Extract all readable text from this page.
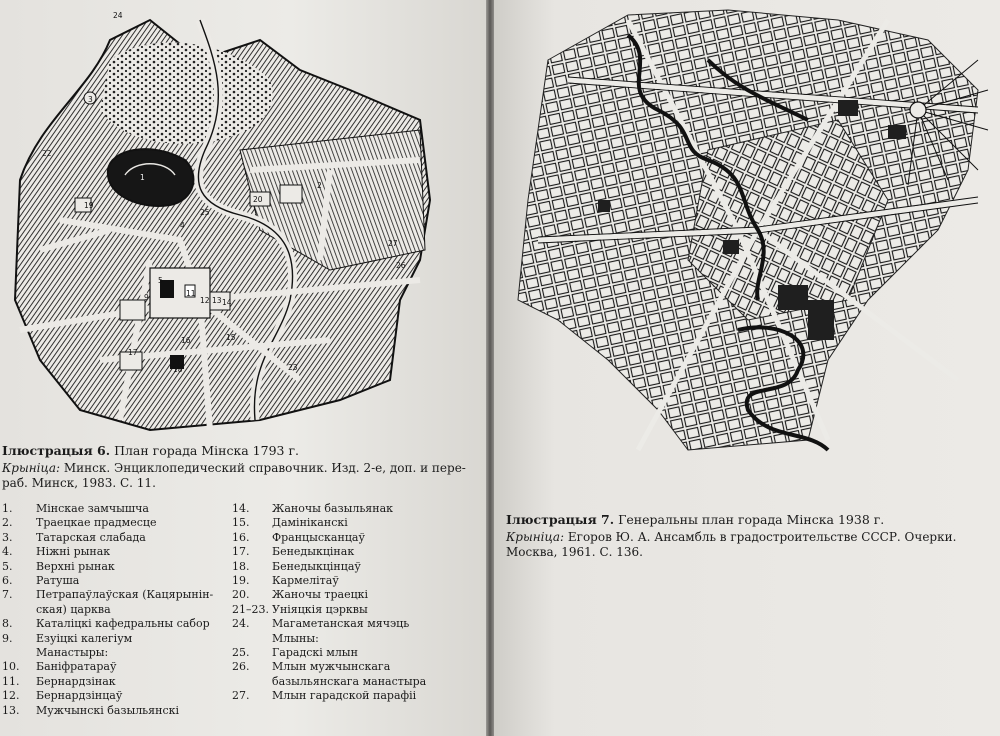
24
22
19
20
25
4
5
9	11
12 13 14
15
16
17
18	23
26
27
1
2
3
Ілюстрацыя 6. План горада Мінска 1793 г.
Крыніца: Минск. Энциклопедический справочник. Изд. 2-е, доп. и пере-
раб. Минск, 1983. С. 11.
1.	Мінскае замчышча
2.	Траецкае прадмесце
3.	Татарская слабада
4.	Ніжні рынак
5.	Верхні рынак
6.	Ратуша
7.	Петрапаўлаўская (Кацярынін-
ская) царква
8.	Каталіцкі кафедральны сабор
9.	Езуіцкі калегіум
Манастыры:
10.	Баніфратараў
11.	Бернардзінак
12.	Бернардзінцаў
13.	Мужчынскі базыльянскі
14.	Жаночы базыльянак
15.	Дамініканскі
16.	Францысканцаў
17.	Бенедыкцінак
18.	Бенедыкцінцаў
19.	Кармелітаў
20.	Жаночы траецкі
21–23. Уніяцкія цэрквы
24.	Магаметанская мячэць
Млыны:
25.	Гарадскі млын
26.	Млын мужчынскага
базыльянскага манастыра
27.	Млын гарадской парафіі
Ілюстрацыя 7. Генеральны план горада Мінска 1938 г.
Крыніца: Егоров Ю. А. Ансамбль в градостроительстве СССР. Очерки.
Москва, 1961. С. 136.
